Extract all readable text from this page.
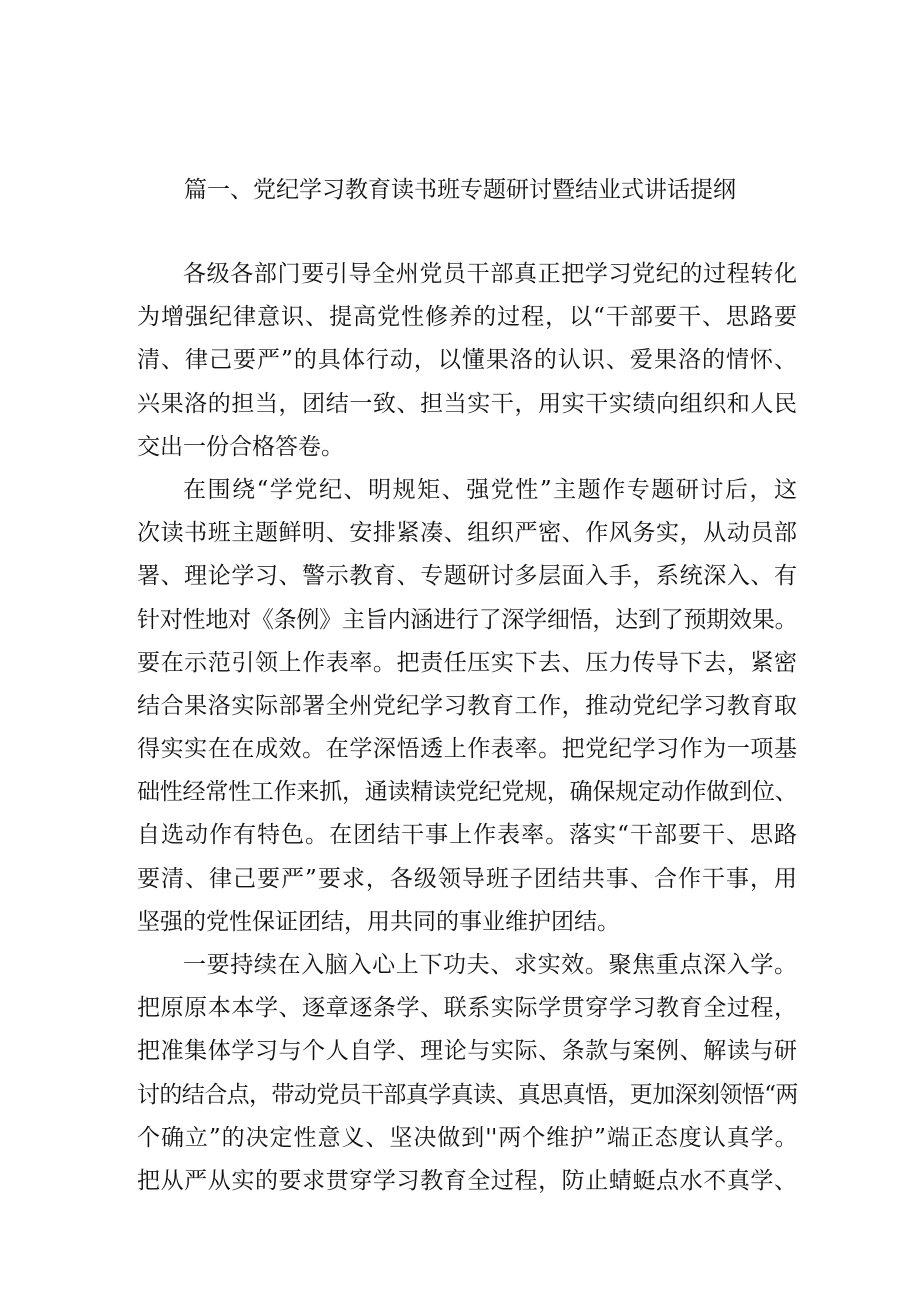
篇一、党纪学习教育读书班专题研讨暨结业式讲话提纲

各级各部门要引导全州党员干部真正把学习党纪的过程转化
为增强纪律意识、提高党性修养的过程，以“干部要干、思路要
清、律己要严”的具体行动，以懂果洛的认识、爱果洛的情怀、
兴果洛的担当，团结一致、担当实干，用实干实绩向组织和人民
交出一份合格答卷。

在围绕“学党纪、明规矩、强党性”主题作专题研讨后，这
次读书班主题鲜明、安排紧凑、组织严密、作风务实，从动员部
署、理论学习、警示教育、专题研讨多层面入手，系统深入、有
针对性地对《条例》主旨内涵进行了深学细悟，达到了预期效果。
要在示范引领上作表率。把责任压实下去、压力传导下去，紧密
结合果洛实际部署全州党纪学习教育工作，推动党纪学习教育取
得实实在在成效。在学深悟透上作表率。把党纪学习作为一项基
础性经常性工作来抓，通读精读党纪党规，确保规定动作做到位、
自选动作有特色。在团结干事上作表率。落实“干部要干、思路
要清、律己要严”要求，各级领导班子团结共事、合作干事，用
坚强的党性保证团结，用共同的事业维护团结。

一要持续在入脑入心上下功夫、求实效。聚焦重点深入学。
把原原本本学、逐章逐条学、联系实际学贯穿学习教育全过程，
把准集体学习与个人自学、理论与实际、条款与案例、解读与研
讨的结合点，带动党员干部真学真读、真思真悟，更加深刻领悟“两
个确立”的决定性意义、坚决做到''两个维护”端正态度认真学。
把从严从实的要求贯穿学习教育全过程，防止蜻蜓点水不真学、
